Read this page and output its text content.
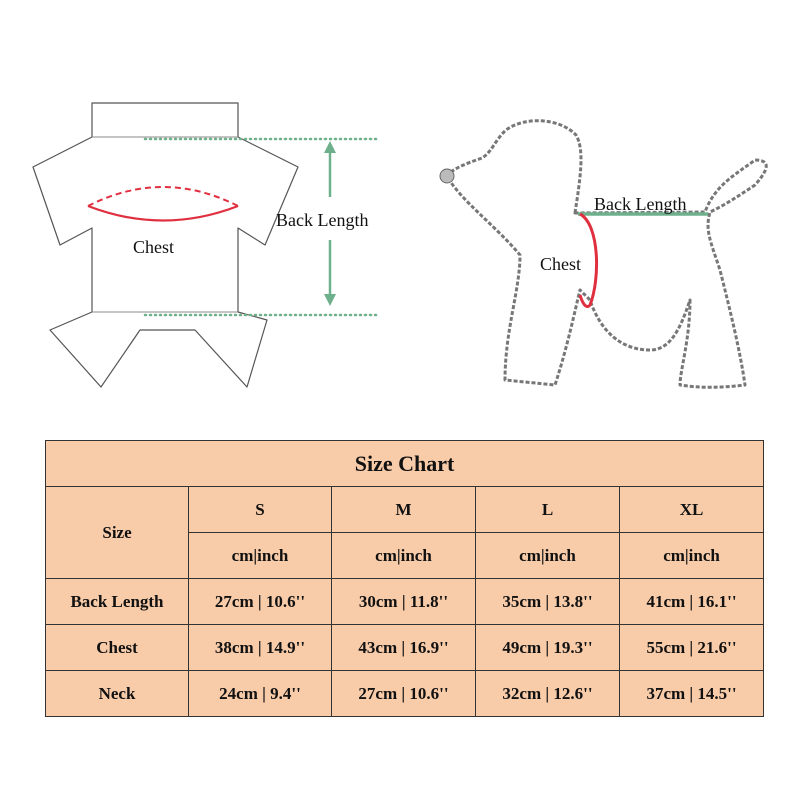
Chest
Back Length
Back Length
Chest
Size Chart				
Size	S	M	L	XL
	cm|inch	cm|inch	cm|inch	cm|inch
Back Length	27cm | 10.6''	30cm | 11.8''	35cm | 13.8''	41cm | 16.1''
Chest	38cm | 14.9''	43cm | 16.9''	49cm | 19.3''	55cm | 21.6''
Neck	24cm | 9.4''	27cm | 10.6''	32cm | 12.6''	37cm | 14.5''
